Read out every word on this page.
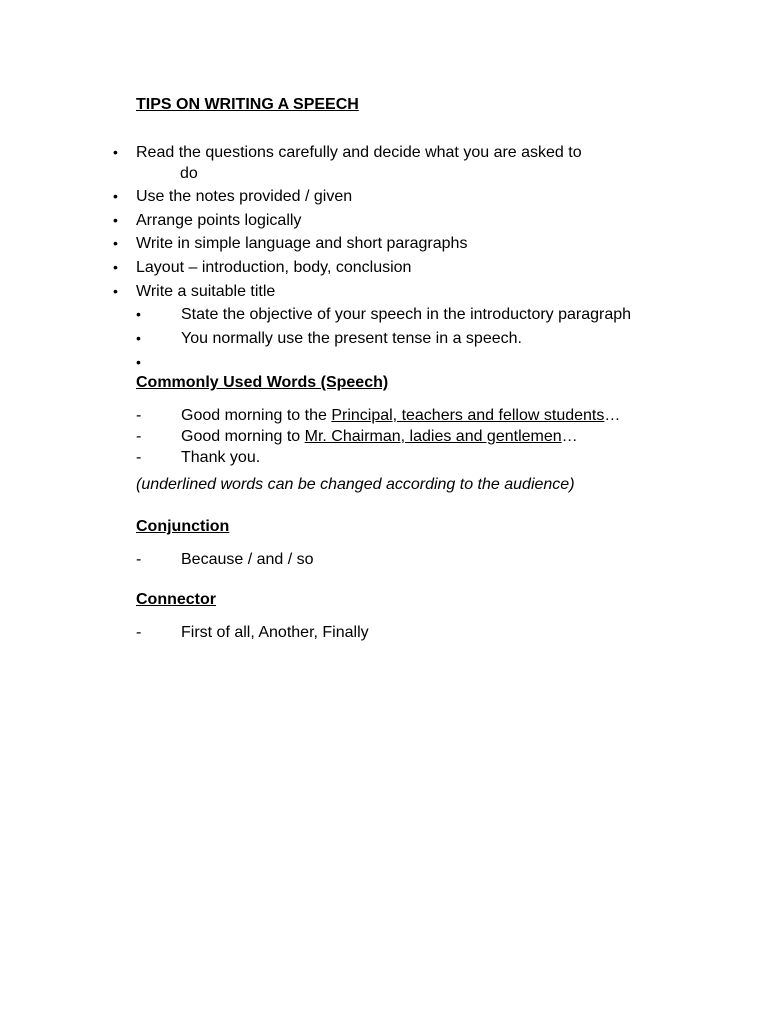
TIPS ON WRITING A SPEECH
• Read the questions carefully and decide what you are asked to
do
• Use the notes provided / given
• Arrange points logically
• Write in simple language and short paragraphs
• Layout – introduction, body, conclusion
• Write a suitable title
•	State the objective of your speech in the introductory paragraph
•	You normally use the present tense in a speech.
•
Commonly Used Words (Speech)
- Good morning to the Principal, teachers and fellow students…
- Good morning to Mr. Chairman, ladies and gentlemen…
- Thank you.
(underlined words can be changed according to the audience)
Conjunction
- Because / and / so
Connector
- First of all, Another, Finally
